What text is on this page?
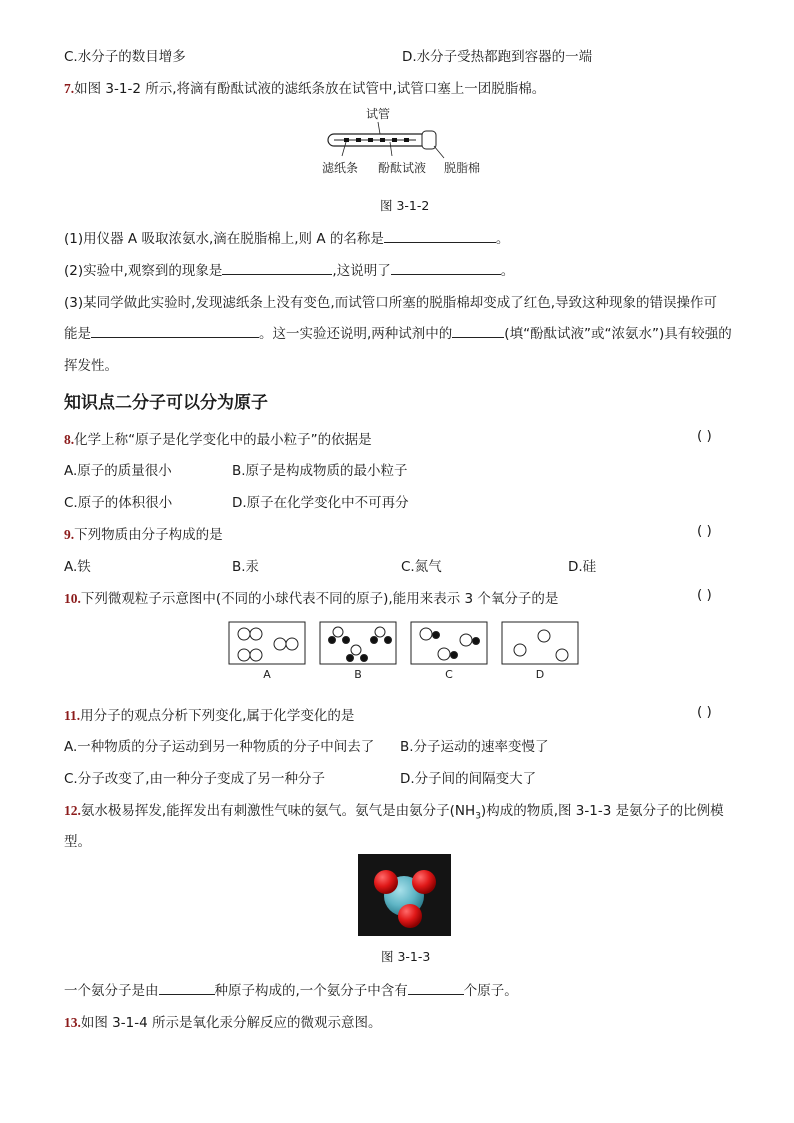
C.水分子的数目增多	D.水分子受热都跑到容器的一端
7.如图 3-1-2 所示,将滴有酚酞试液的滤纸条放在试管中,试管口塞上一团脱脂棉。
试管
滤纸条 酚酞试液 脱脂棉
图 3-1-2
(1)用仪器 A 吸取浓氨水,滴在脱脂棉上,则 A 的名称是	。
(2)实验中,观察到的现象是	,这说明了	。
(3)某同学做此实验时,发现滤纸条上没有变色,而试管口所塞的脱脂棉却变成了红色,导致这种现象的错误操作可
能是	。这一实验还说明,两种试剂中的	(填“酚酞试液”或“浓氨水”)具有较强的
挥发性。
知识点二分子可以分为原子
8.化学上称“原子是化学变化中的最小粒子”的依据是	( )
A.原子的质量很小	B.原子是构成物质的最小粒子
C.原子的体积很小	D.原子在化学变化中不可再分
9.下列物质由分子构成的是	( )
A.铁	B.汞	C.氮气	D.硅
10.下列微观粒子示意图中(不同的小球代表不同的原子),能用来表示 3 个氧分子的是	( )
A	B	C	D
11.用分子的观点分析下列变化,属于化学变化的是	( )
A.一种物质的分子运动到另一种物质的分子中间去了 B.分子运动的速率变慢了
C.分子改变了,由一种分子变成了另一种分子	D.分子间的间隔变大了
12.氨水极易挥发,能挥发出有刺激性气味的氨气。氨气是由氨分子$(NH_3)$构成的物质,图 3-1-3 是氨分子的比例模
型。
图 3-1-3
一个氨分子是由	种原子构成的,一个氨分子中含有	个原子。
13.如图 3-1-4 所示是氧化汞分解反应的微观示意图。
